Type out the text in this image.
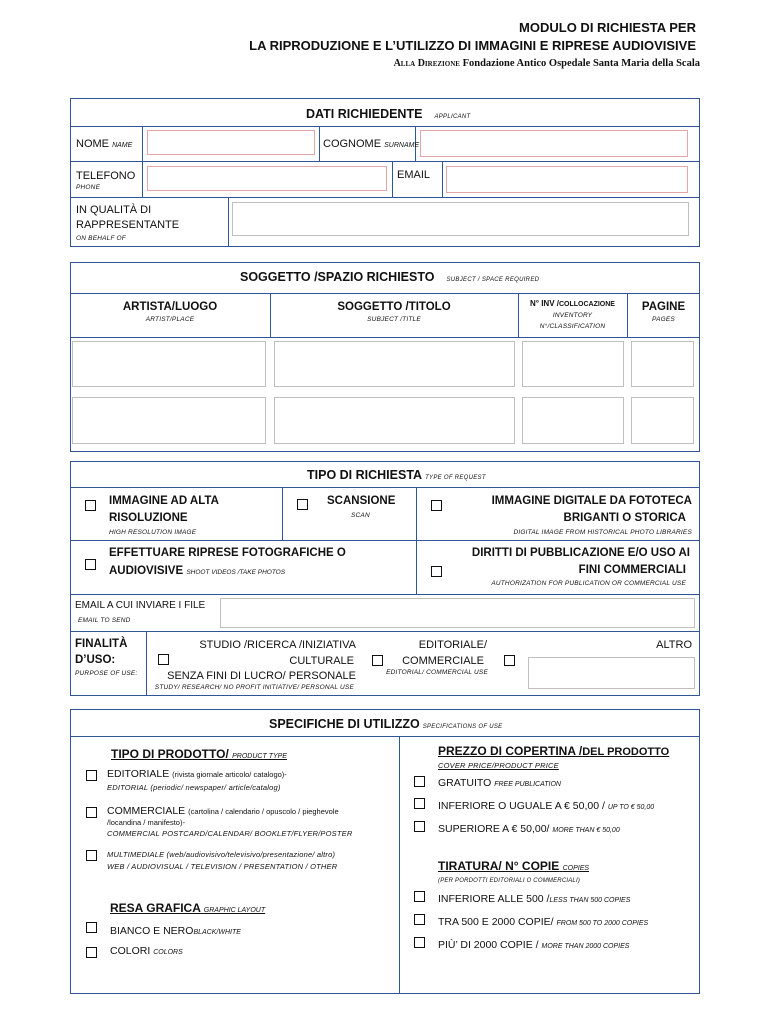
MODULO DI RICHIESTA PER
LA RIPRODUZIONE E L’UTILIZZO DI IMMAGINI E RIPRESE AUDIOVISIVE
Alla Direzione Fondazione Antico Ospedale Santa Maria della Scala
DATI RICHIEDENTE APPLICANT
NOME NAME	COGNOME SURNAME
TELEFONO
PHONE
EMAIL
IN QUALITÀ DI
RAPPRESENTANTE
ON BEHALF OF
SOGGETTO /SPAZIO RICHIESTO SUBJECT / SPACE REQUIRED
ARTISTA/LUOGO
ARTIST/PLACE
SOGGETTO /TITOLO
SUBJECT /TITLE
N° INV /COLLOCAZIONE
INVENTORY
N°/CLASSIFICATION
PAGINE
PAGES
TIPO DI RICHIESTA TYPE OF REQUEST
IMMAGINE AD ALTA
RISOLUZIONE
HIGH RESOLUTION IMAGE
SCANSIONE
SCAN
IMMAGINE DIGITALE DA FOTOTECA
BRIGANTI O STORICA
DIGITAL IMAGE FROM HISTORICAL PHOTO LIBRARIES
EFFETTUARE RIPRESE FOTOGRAFICHE O
AUDIOVISIVE SHOOT VIDEOS /TAKE PHOTOS
DIRITTI DI PUBBLICAZIONE E/O USO AI
FINI COMMERCIALI
AUTHORIZATION FOR PUBLICATION OR COMMERCIAL USE
EMAIL A CUI INVIARE I FILE
EMAIL TO SEND
FINALITÀ
D’USO:
PURPOSE OF USE:
STUDIO /RICERCA /INIZIATIVA
CULTURALE
SENZA FINI DI LUCRO/ PERSONALE
STUDY/ RESEARCH/ NO PROFIT INITIATIVE/ PERSONAL USE
EDITORIALE/
COMMERCIALE
EDITORIAL/ COMMERCIAL USE
ALTRO
SPECIFICHE DI UTILIZZO SPECIFICATIONS OF USE
TIPO DI PRODOTTO/ PRODUCT TYPE
EDITORIALE (rivista giornale articolo/ catalogo)-
EDITORIAL (periodic/ newspaper/ article/catalog)
COMMERCIALE (cartolina / calendario / opuscolo / pieghevole
/locandina / manifesto)-
COMMERCIAL POSTCARD/CALENDAR/ BOOKLET/FLYER/POSTER
MULTIMEDIALE (web/audiovisivo/televisivo/presentazione/ altro)
WEB / AUDIOVISUAL / TELEVISION / PRESENTATION / OTHER
RESA GRAFICA GRAPHIC LAYOUT
BIANCO E NEROBLACK/WHITE
COLORI COLORS
PREZZO DI COPERTINA /DEL PRODOTTO
COVER PRICE/PRODUCT PRICE
GRATUITO FREE PUBLICATION
INFERIORE O UGUALE A € 50,00 / UP TO € 50,00
SUPERIORE A € 50,00/ MORE THAN € 50,00
TIRATURA/ N° COPIE COPIES
(PER PORDOTTI EDITORIALI O COMMERCIALI)
INFERIORE ALLE 500 /LESS THAN 500 COPIES
TRA 500 E 2000 COPIE/ FROM 500 TO 2000 COPIES
PIÙ’ DI 2000 COPIE / MORE THAN 2000 COPIES
